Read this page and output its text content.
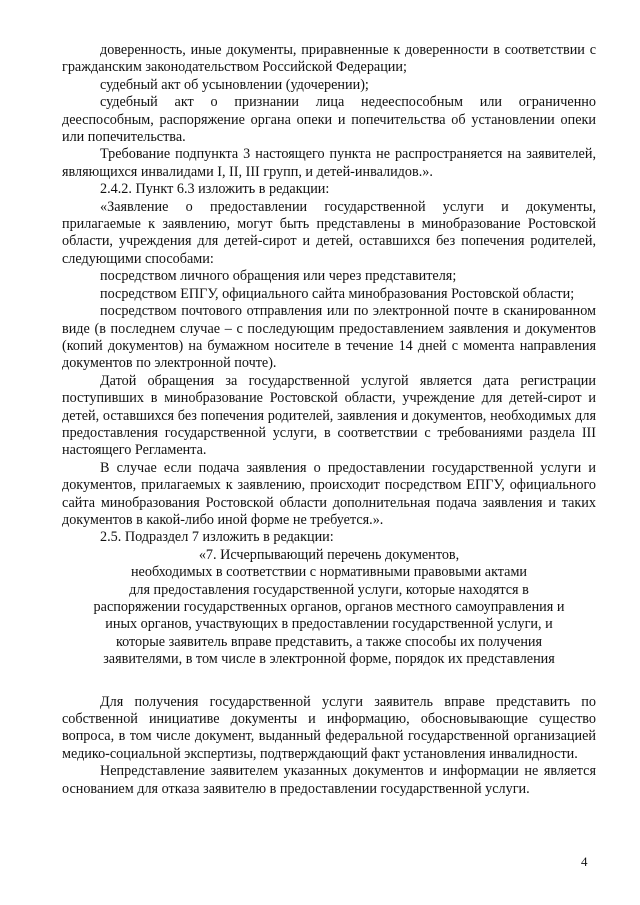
доверенность, иные документы, приравненные к доверенности в соответствии с гражданским законодательством Российской Федерации;

судебный акт об усыновлении (удочерении);

судебный акт о признании лица недееспособным или ограниченно дееспособным, распоряжение органа опеки и попечительства об установлении опеки или попечительства.

Требование подпункта 3 настоящего пункта не распространяется на заявителей, являющихся инвалидами I, II, III групп, и детей-инвалидов.».

2.4.2. Пункт 6.3 изложить в редакции:

«Заявление о предоставлении государственной услуги и документы, прилагаемые к заявлению, могут быть представлены в минобразование Ростовской области, учреждения для детей-сирот и детей, оставшихся без попечения родителей, следующими способами:

посредством личного обращения или через представителя;

посредством ЕПГУ, официального сайта минобразования Ростовской области;

посредством почтового отправления или по электронной почте в сканированном виде (в последнем случае – с последующим предоставлением заявления и документов (копий документов) на бумажном носителе в течение 14 дней с момента направления документов по электронной почте).

Датой обращения за государственной услугой является дата регистрации поступивших в минобразование Ростовской области, учреждение для детей-сирот и детей, оставшихся без попечения родителей, заявления и документов, необходимых для предоставления государственной услуги, в соответствии с требованиями раздела III настоящего Регламента.

В случае если подача заявления о предоставлении государственной услуги и документов, прилагаемых к заявлению, происходит посредством ЕПГУ, официального сайта минобразования Ростовской области дополнительная подача заявления и таких документов в какой-либо иной форме не требуется.».

2.5. Подраздел 7 изложить в редакции:

«7. Исчерпывающий перечень документов,
необходимых в соответствии с нормативными правовыми актами
для предоставления государственной услуги, которые находятся в
распоряжении государственных органов, органов местного самоуправления и
иных органов, участвующих в предоставлении государственной услуги, и
которые заявитель вправе представить, а также способы их получения
заявителями, в том числе в электронной форме, порядок их представления

Для получения государственной услуги заявитель вправе представить по собственной инициативе документы и информацию, обосновывающие существо вопроса, в том числе документ, выданный федеральной государственной организацией медико-социальной экспертизы, подтверждающий факт установления инвалидности.

Непредставление заявителем указанных документов и информации не является основанием для отказа заявителю в предоставлении государственной услуги.

4
